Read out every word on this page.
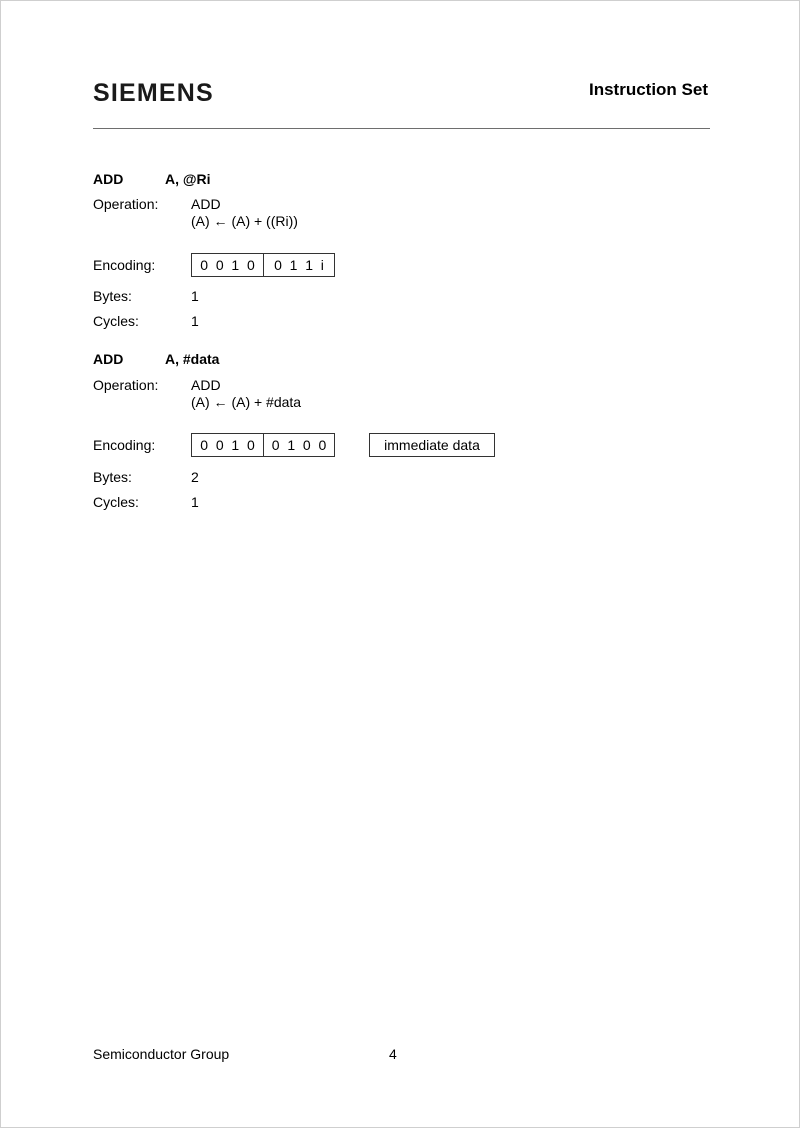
SIEMENS	Instruction Set
ADD	A, @Ri
Operation: ADD
(A) ← (A) + ((Ri))
Encoding:	0  0  1  0	0  1  1  i
Bytes:	1
Cycles:	1
ADD	A, #data
Operation: ADD
(A) ← (A) + #data
Encoding:	0  0  1  0	0  1  0  0	immediate data
Bytes:	2
Cycles:	1
Semiconductor Group	4
